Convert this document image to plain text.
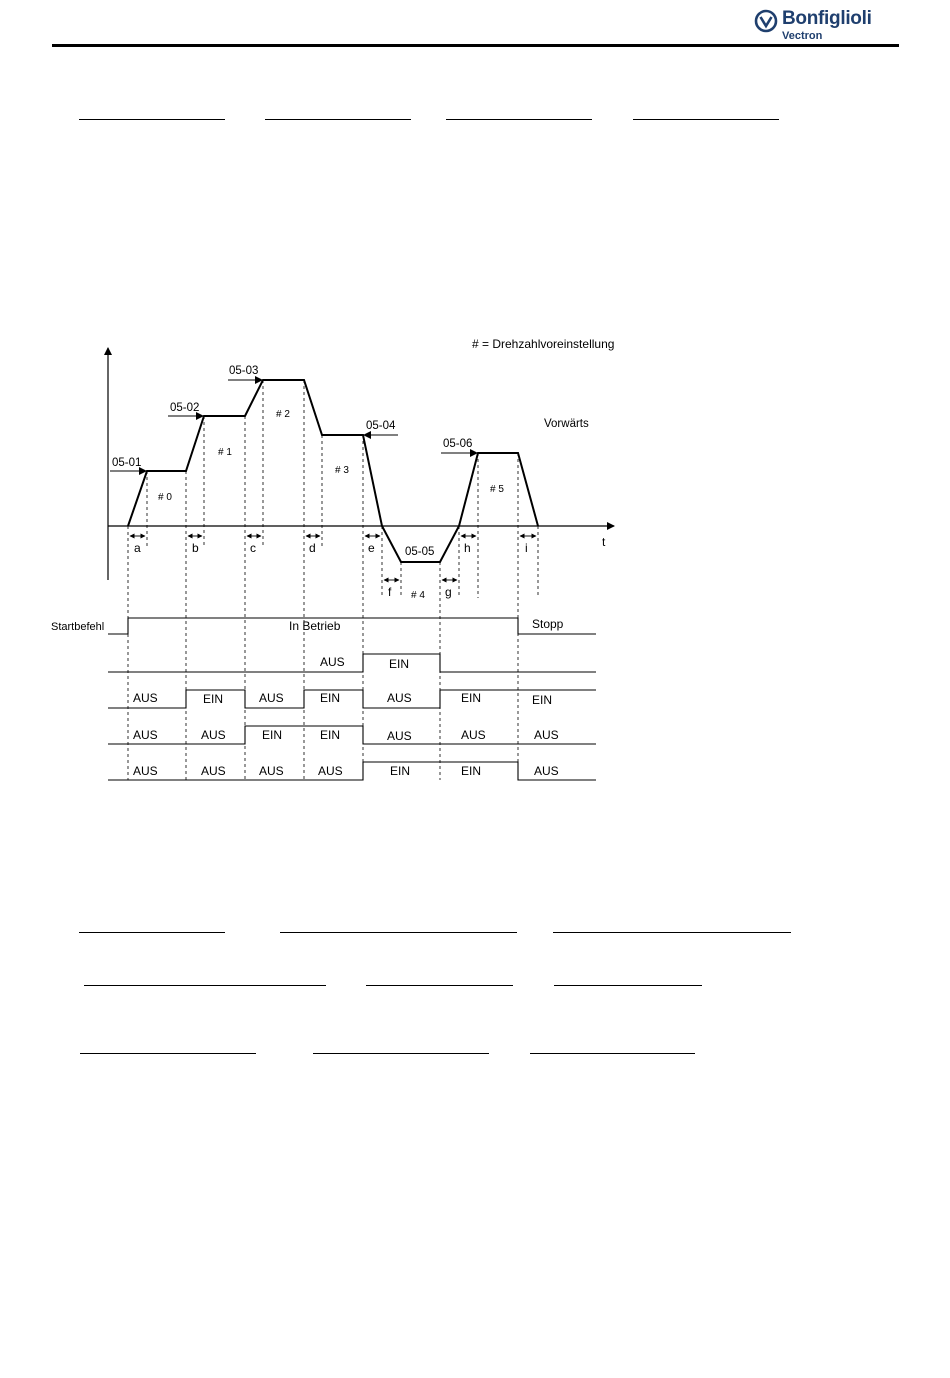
Bonfiglioli
Vectron
t
a	b	c	d	e
f	g
h	i
05-01
05-02
05-03
05-04
05-05
05-06
# 0
# 1
# 2
# 3
# 4
# 5
# = Drehzahlvoreinstellung
Vorwärts
Startbefehl	In Betrieb	Stopp
AUS	EIN
AUS	EIN	AUS	EIN	AUS	EIN	EIN
AUS	AUS	EIN	EIN	AUS	AUS	AUS
AUS	AUS	AUS	AUS	EIN	EIN	AUS
